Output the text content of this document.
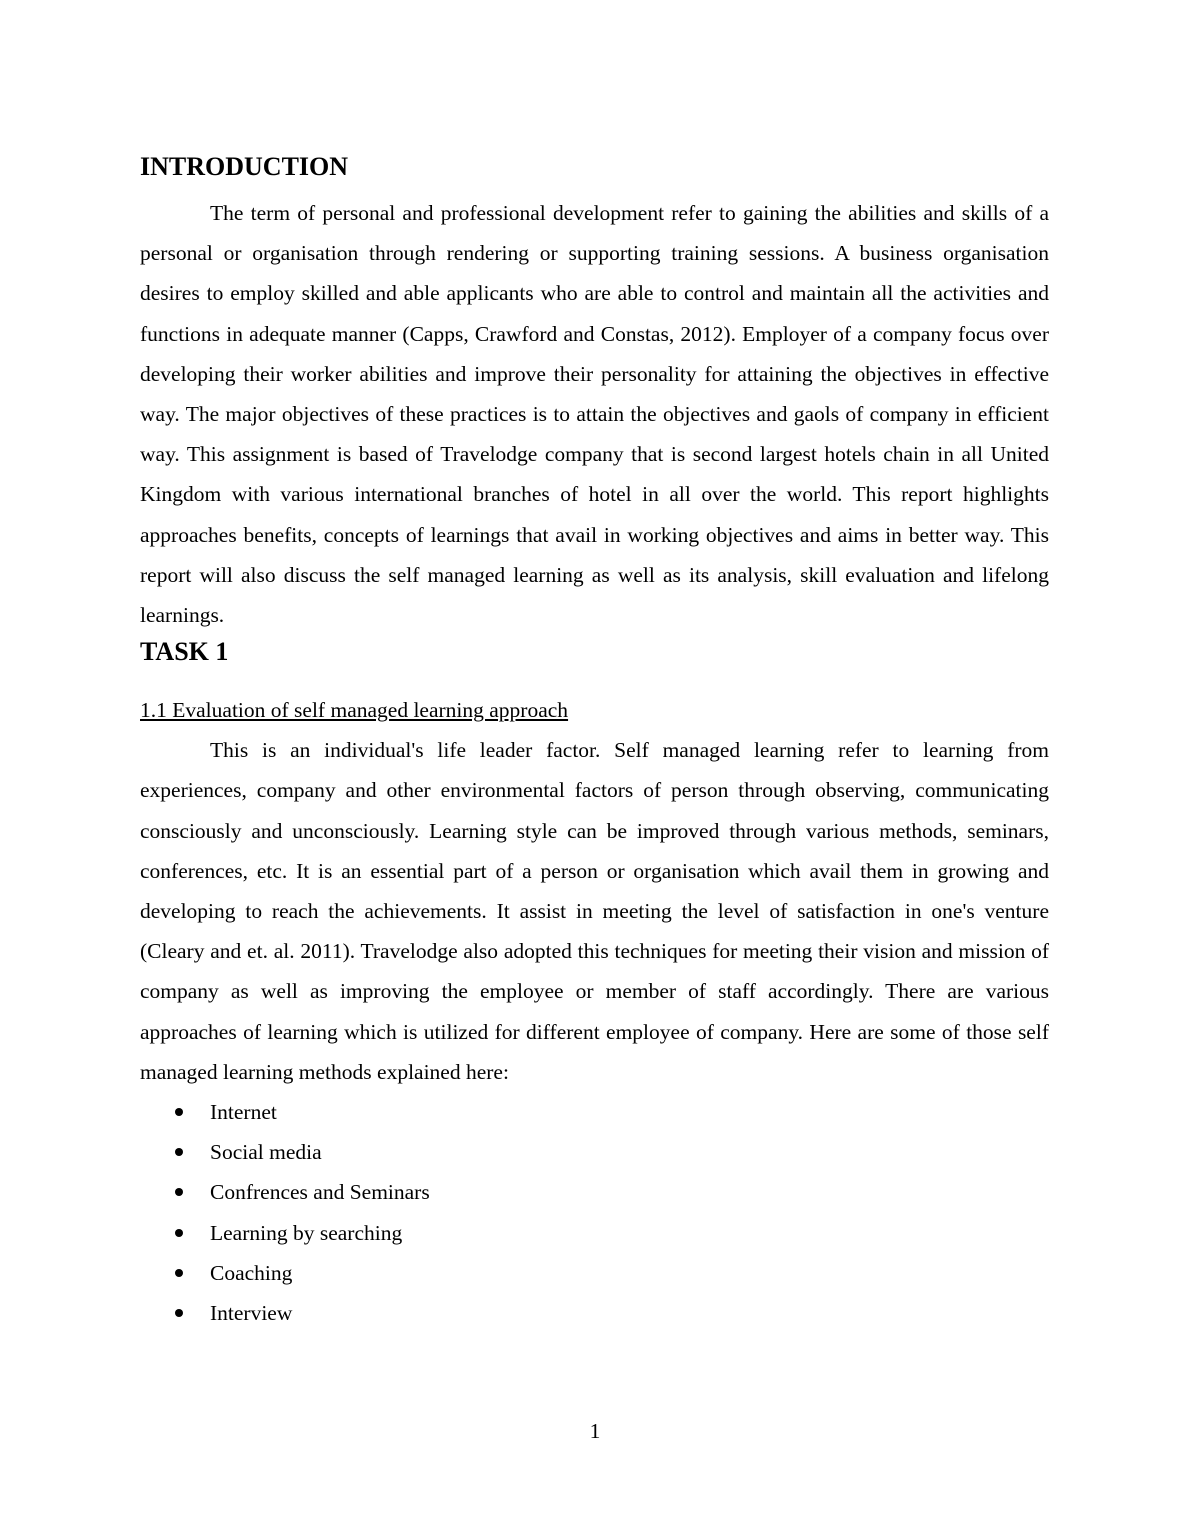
INTRODUCTION

The term of personal and professional development refer to gaining the abilities and skills of a personal or organisation through rendering or supporting training sessions. A business organisation desires to employ skilled and able applicants who are able to control and maintain all the activities and functions in adequate manner (Capps, Crawford and Constas, 2012). Employer of a company focus over developing their worker abilities and improve their personality for attaining the objectives in effective way. The major objectives of these practices is to attain the objectives and gaols of company in efficient way. This assignment is based of Travelodge company that is second largest hotels chain in all United Kingdom with various international branches of hotel in all over the world. This report highlights approaches benefits, concepts of learnings that avail in working objectives and aims in better way. This report will also discuss the self managed learning as well as its analysis, skill evaluation and lifelong learnings.

TASK 1

1.1 Evaluation of self managed learning approach

This is an individual's life leader factor. Self managed learning refer to learning from experiences, company and other environmental factors of person through observing, communicating consciously and unconsciously. Learning style can be improved through various methods, seminars, conferences, etc. It is an essential part of a person or organisation which avail them in growing and developing to reach the achievements. It assist in meeting the level of satisfaction in one's venture (Cleary and et. al. 2011). Travelodge also adopted this techniques for meeting their vision and mission of company as well as improving the employee or member of staff accordingly. There are various approaches of learning which is utilized for different employee of company. Here are some of those self managed learning methods explained here:

Internet
Social media
Confrences and Seminars
Learning by searching
Coaching
Interview
1
